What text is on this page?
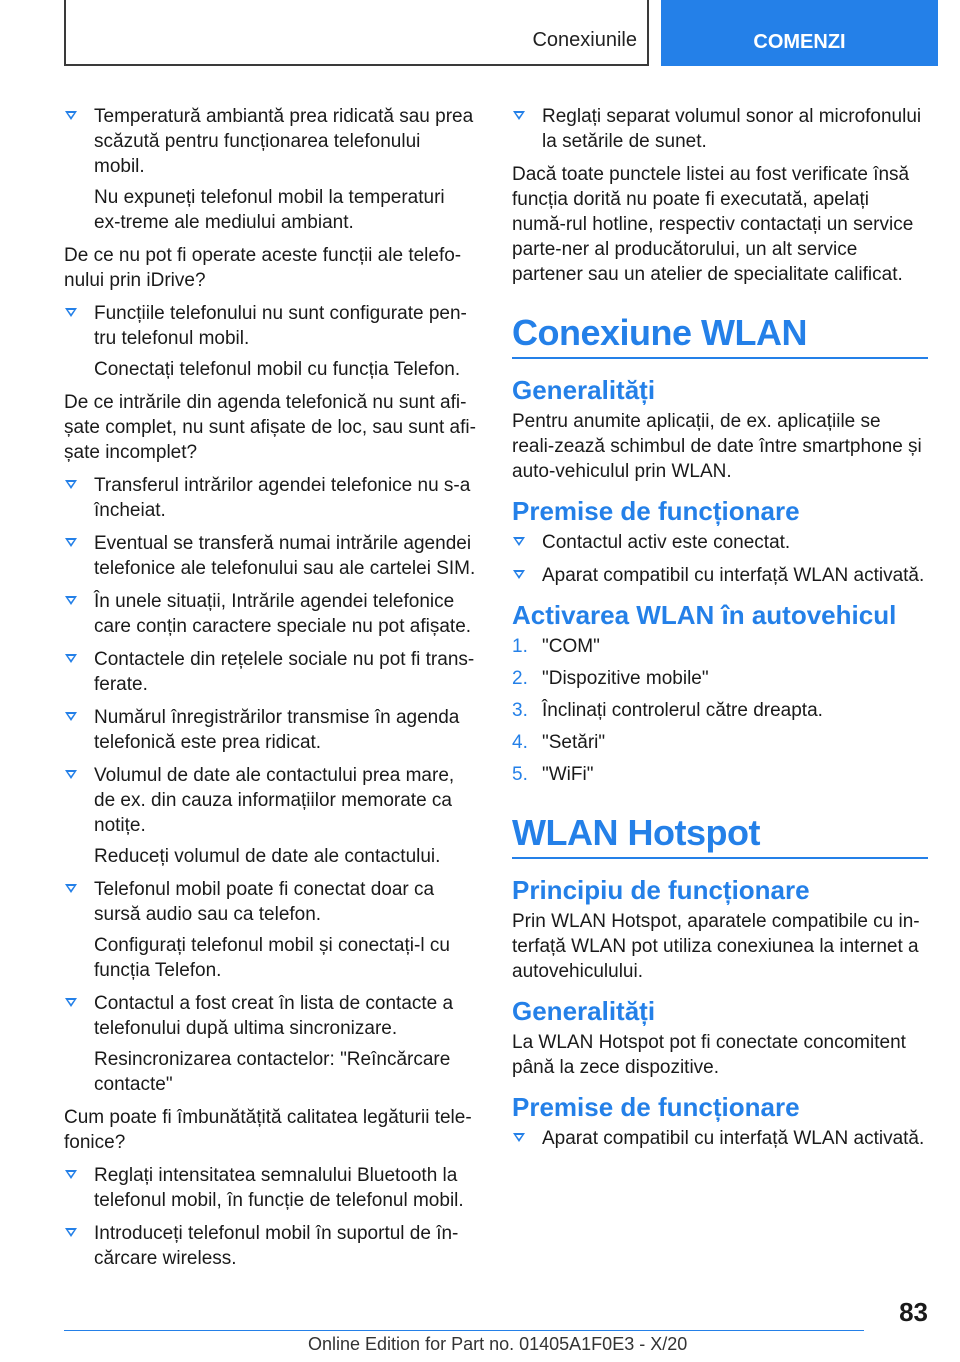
Conexiunile	COMENZI
Temperatură ambiantă prea ridicată sau prea scăzută pentru funcționarea telefonului mobil.
Nu expuneți telefonul mobil la temperaturi ex‐treme ale mediului ambiant.
De ce nu pot fi operate aceste funcții ale telefo‐nului prin iDrive?
Funcțiile telefonului nu sunt configurate pen‐tru telefonul mobil.
Conectați telefonul mobil cu funcția Telefon.
De ce intrările din agenda telefonică nu sunt afi‐șate complet, nu sunt afișate de loc, sau sunt afi‐șate incomplet?
Transferul intrărilor agendei telefonice nu s-a încheiat.
Eventual se transferă numai intrările agendei telefonice ale telefonului sau ale cartelei SIM.
În unele situații, Intrările agendei telefonice care conțin caractere speciale nu pot afișate.
Contactele din rețelele sociale nu pot fi trans‐ferate.
Numărul înregistrărilor transmise în agenda telefonică este prea ridicat.
Volumul de date ale contactului prea mare, de ex. din cauza informațiilor memorate ca notițe.
Reduceți volumul de date ale contactului.
Telefonul mobil poate fi conectat doar ca sursă audio sau ca telefon.
Configurați telefonul mobil și conectați-l cu funcția Telefon.
Contactul a fost creat în lista de contacte a telefonului după ultima sincronizare.
Resincronizarea contactelor: "Reîncărcare contacte"
Cum poate fi îmbunătățită calitatea legăturii tele‐fonice?
Reglați intensitatea semnalului Bluetooth la telefonul mobil, în funcție de telefonul mobil.
Introduceți telefonul mobil în suportul de în‐cărcare wireless.
Reglați separat volumul sonor al microfonului la setările de sunet.
Dacă toate punctele listei au fost verificate însă funcția dorită nu poate fi executată, apelați numă‐rul hotline, respectiv contactați un service parte‐ner al producătorului, un alt service partener sau un atelier de specialitate calificat.
Conexiune WLAN
Generalități
Pentru anumite aplicații, de ex. aplicațiile se reali‐zează schimbul de date între smartphone și auto‐vehiculul prin WLAN.
Premise de funcționare
Contactul activ este conectat.
Aparat compatibil cu interfață WLAN activată.
Activarea WLAN în autovehicul
1. "COM"
2. "Dispozitive mobile"
3. Înclinați controlerul către dreapta.
4. "Setări"
5. "WiFi"
WLAN Hotspot
Principiu de funcționare
Prin WLAN Hotspot, aparatele compatibile cu in‐terfață WLAN pot utiliza conexiunea la internet a autovehiculului.
Generalități
La WLAN Hotspot pot fi conectate concomitent până la zece dispozitive.
Premise de funcționare
Aparat compatibil cu interfață WLAN activată.
83
Online Edition for Part no. 01405A1F0E3 - X/20
